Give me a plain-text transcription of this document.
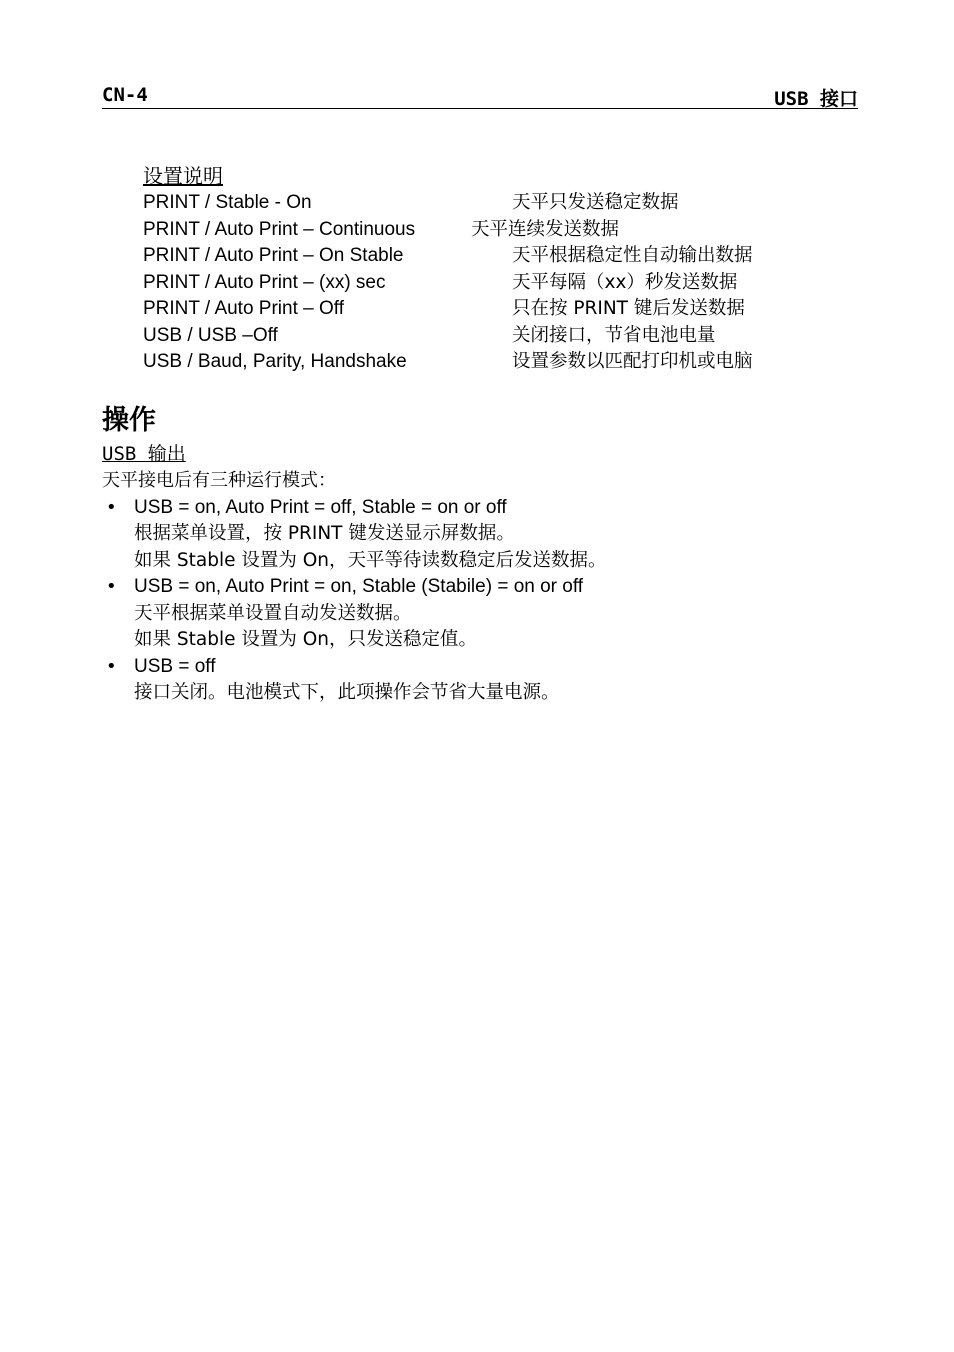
CN-4	USB 接口
设置说明
PRINT / Stable - On	天平只发送稳定数据
PRINT / Auto Print – Continuous	天平连续发送数据
PRINT / Auto Print – On Stable	天平根据稳定性自动输出数据
PRINT / Auto Print – (xx) sec	天平每隔（xx）秒发送数据
PRINT / Auto Print – Off	只在按 PRINT 键后发送数据
USB / USB –Off	关闭接口，节省电池电量
USB / Baud, Parity, Handshake	设置参数以匹配打印机或电脑
操作
USB 输出
天平接电后有三种运行模式：
• USB = on, Auto Print = off, Stable = on or off
根据菜单设置，按 PRINT 键发送显示屏数据。
如果 Stable 设置为 On，天平等待读数稳定后发送数据。
• USB = on, Auto Print = on, Stable (Stabile) = on or off
天平根据菜单设置自动发送数据。
如果 Stable 设置为 On，只发送稳定值。
• USB = off
接口关闭。电池模式下，此项操作会节省大量电源。
